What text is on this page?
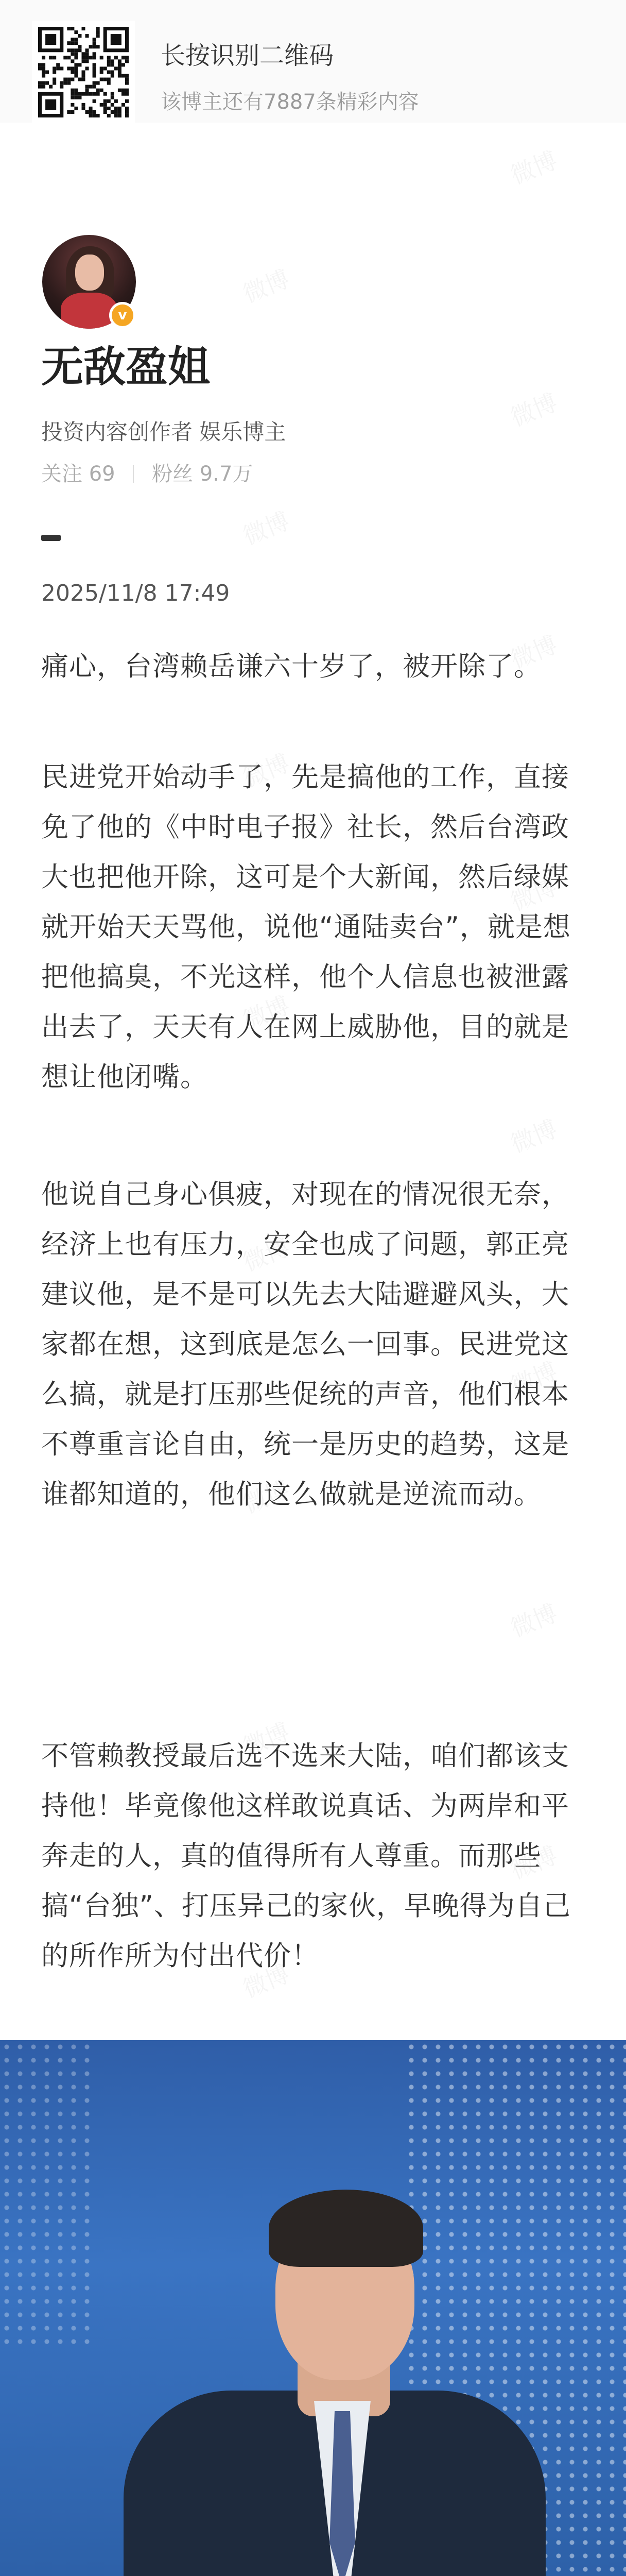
长按识别二维码
该博主还有7887条精彩内容
v
无敌盈姐
投资内容创作者 娱乐博主
关注 69 粉丝 9.7万
2025/11/8 17:49

痛心，台湾赖岳谦六十岁了，被开除了。

民进党开始动手了，先是搞他的工作，直接免了他的《中时电子报》社长，然后台湾政大也把他开除，这可是个大新闻，然后绿媒就开始天天骂他，说他“通陆卖台”，就是想把他搞臭，不光这样，他个人信息也被泄露出去了，天天有人在网上威胁他，目的就是想让他闭嘴。

他说自己身心俱疲，对现在的情况很无奈，经济上也有压力，安全也成了问题，郭正亮建议他，是不是可以先去大陆避避风头，大家都在想，这到底是怎么一回事。民进党这么搞，就是打压那些促统的声音，他们根本不尊重言论自由，统一是历史的趋势，这是谁都知道的，他们这么做就是逆流而动。

不管赖教授最后选不选来大陆，咱们都该支持他！毕竟像他这样敢说真话、为两岸和平奔走的人，真的值得所有人尊重。而那些搞“台独”、打压异己的家伙，早晚得为自己的所作所为付出代价！
